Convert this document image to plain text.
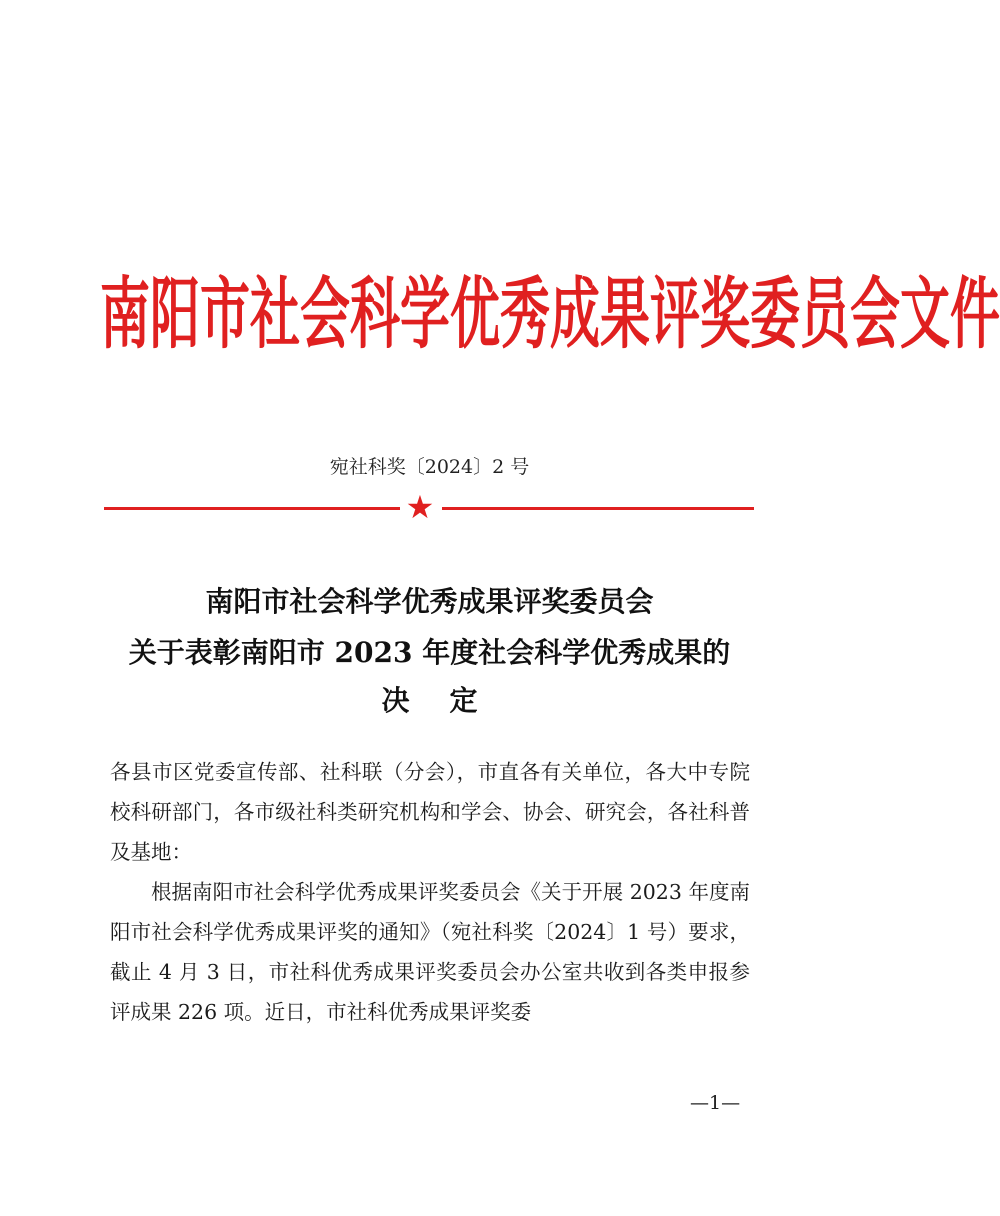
南阳市社会科学优秀成果评奖委员会文件
宛社科奖〔2024〕2 号
★
南阳市社会科学优秀成果评奖委员会
关于表彰南阳市 2023 年度社会科学优秀成果的
决定

各县市区党委宣传部、社科联（分会），市直各有关单位，各大中专院校科研部门，各市级社科类研究机构和学会、协会、研究会，各社科普及基地：

根据南阳市社会科学优秀成果评奖委员会《关于开展 2023 年度南阳市社会科学优秀成果评奖的通知》（宛社科奖〔2024〕1 号）要求，截止 4 月 3 日，市社科优秀成果评奖委员会办公室共收到各类申报参评成果 226 项。近日，市社科优秀成果评奖委

—1—
